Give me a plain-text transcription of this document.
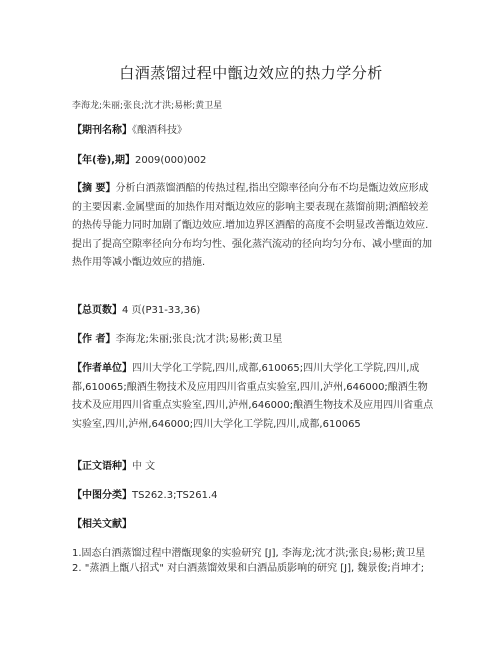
白酒蒸馏过程中甑边效应的热力学分析
李海龙;朱丽;张良;沈才洪;易彬;黄卫星
【期刊名称】《酿酒科技》
【年(卷),期】2009(000)002
【摘 要】分析白酒蒸馏酒醅的传热过程,指出空隙率径向分布不均是甑边效应形成的主要因素.金属壁面的加热作用对甑边效应的影响主要表现在蒸馏前期;酒醅较差的热传导能力同时加剧了甑边效应.增加边界区酒醅的高度不会明显改善甑边效应.提出了提高空隙率径向分布均匀性、强化蒸汽流动的径向均匀分布、减小壁面的加热作用等减小甑边效应的措施.
【总页数】4 页(P31-33,36)
【作 者】李海龙;朱丽;张良;沈才洪;易彬;黄卫星
【作者单位】四川大学化工学院,四川,成都,610065;四川大学化工学院,四川,成都,610065;酿酒生物技术及应用四川省重点实验室,四川,泸州,646000;酿酒生物技术及应用四川省重点实验室,四川,泸州,646000;酿酒生物技术及应用四川省重点实验室,四川,泸州,646000;四川大学化工学院,四川,成都,610065
【正文语种】中 文
【中图分类】TS262.3;TS261.4
【相关文献】
1.固态白酒蒸馏过程中潜甑现象的实验研究 [J], 李海龙;沈才洪;张良;易彬;黄卫星
2. "蒸酒上甑八招式" 对白酒蒸馏效果和白酒品质影响的研究 [J], 魏景俊;肖坤才;
